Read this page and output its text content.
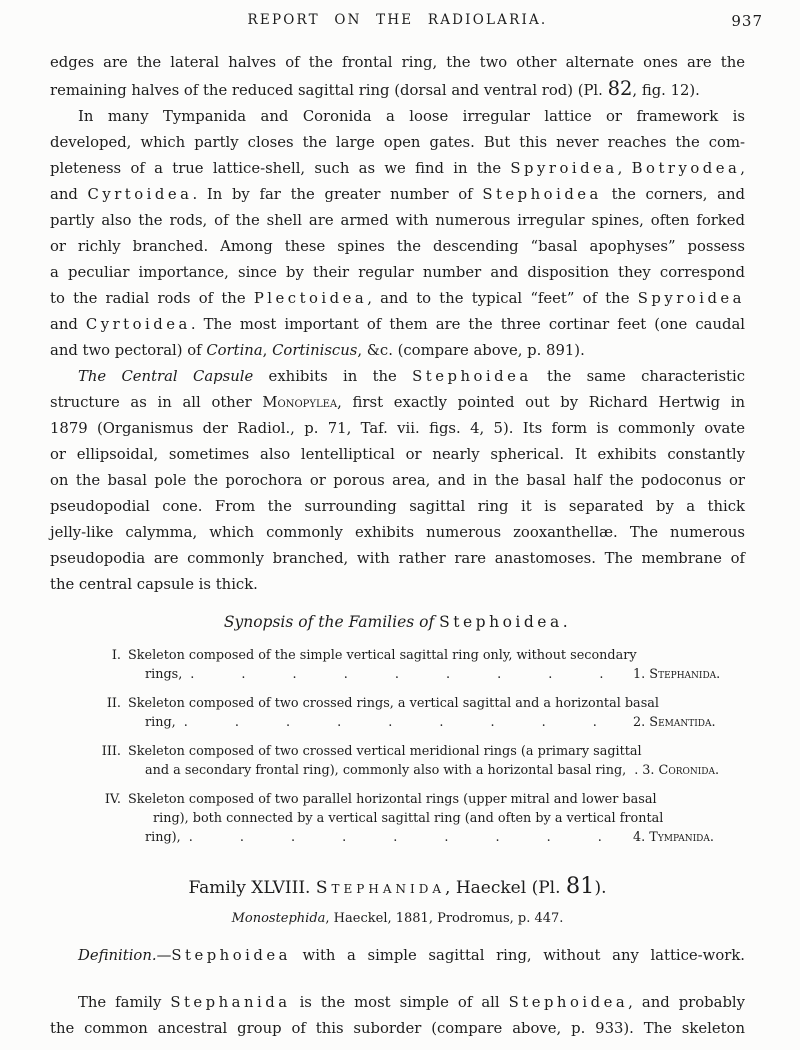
REPORT ON THE RADIOLARIA.	937
edges are the lateral halves of the frontal ring, the two other alternate ones are the
remaining halves of the reduced sagittal ring (dorsal and ventral rod) (Pl. 82, fig. 12).
In many Tympanida and Coronida a loose irregular lattice or framework is
developed, which partly closes the large open gates. But this never reaches the com-
pleteness of a true lattice-shell, such as we find in the Spyroidea, Botryodea,
and Cyrtoidea. In by far the greater number of Stephoidea the corners, and
partly also the rods, of the shell are armed with numerous irregular spines, often forked
or richly branched. Among these spines the descending “basal apophyses” possess
a peculiar importance, since by their regular number and disposition they correspond
to the radial rods of the Plectoidea, and to the typical “feet” of the Spyroidea
and Cyrtoidea. The most important of them are the three cortinar feet (one caudal
and two pectoral) of Cortina, Cortiniscus, &c. (compare above, p. 891).
The Central Capsule exhibits in the Stephoidea the same characteristic
structure as in all other Monopylea, first exactly pointed out by Richard Hertwig in
1879 (Organismus der Radiol., p. 71, Taf. vii. figs. 4, 5). Its form is commonly ovate
or ellipsoidal, sometimes also lentelliptical or nearly spherical. It exhibits constantly
on the basal pole the porochora or porous area, and in the basal half the podoconus or
pseudopodial cone. From the surrounding sagittal ring it is separated by a thick
jelly-like calymma, which commonly exhibits numerous zooxanthellæ. The numerous
pseudopodia are commonly branched, with rather rare anastomoses. The membrane of
the central capsule is thick.
Synopsis of the Families of Stephoidea.
I. Skeleton composed of the simple vertical sagittal ring only, without secondary
rings, . . . . . . . . .	1. Stephanida.
II. Skeleton composed of two crossed rings, a vertical sagittal and a horizontal basal
ring, . . . . . . . . .	2. Semantida.
III. Skeleton composed of two crossed vertical meridional rings (a primary sagittal
and a secondary frontal ring), commonly also with a horizontal basal ring, . 3. Coronida.
IV. Skeleton composed of two parallel horizontal rings (upper mitral and lower basal
ring), both connected by a vertical sagittal ring (and often by a vertical frontal
ring), . . . . . . . . .	4. Tympanida.
Family XLVIII. Stephanida, Haeckel (Pl. 81).
Monostephida, Haeckel, 1881, Prodromus, p. 447.
Definition.—Stephoidea with a simple sagittal ring, without any lattice-work.
The family Stephanida is the most simple of all Stephoidea, and probably
the common ancestral group of this suborder (compare above, p. 933). The skeleton
